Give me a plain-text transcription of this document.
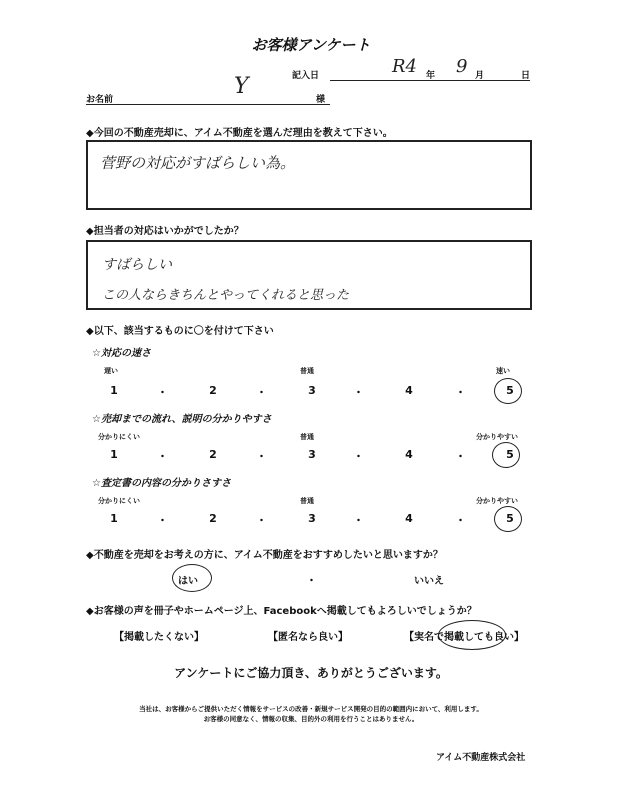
お客様アンケート
記入日	R4 年 9 月	日
お名前
Y
様
◆今回の不動産売却に、アイム不動産を選んだ理由を教えて下さい。
菅野の対応がすばらしい為。
◆担当者の対応はいかがでしたか？
すばらしい
この人ならきちんとやってくれると思った
◆以下、該当するものに〇を付けて下さい
☆対応の速さ
遅い	普通	速い
1	・	2	・	3	・	4	・	5
☆売却までの流れ、説明の分かりやすさ
分かりにくい	普通	分かりやすい
1	・	2	・	3	・	4	・	5
☆査定書の内容の分かりさすさ
分かりにくい	普通	分かりやすい
1	・	2	・	3	・	4	・	5
◆不動産を売却をお考えの方に、アイム不動産をおすすめしたいと思いますか？
はい	・	いいえ
◆お客様の声を冊子やホームページ上、Facebookへ掲載してもよろしいでしょうか？
【掲載したくない】	【匿名なら良い】	【実名で掲載しても良い】
アンケートにご協力頂き、ありがとうございます。
当社は、お客様からご提供いただく情報をサービスの改善・新規サービス開発の目的の範囲内において、利用します。
お客様の同意なく、情報の収集、目的外の利用を行うことはありません。
アイム不動産株式会社
